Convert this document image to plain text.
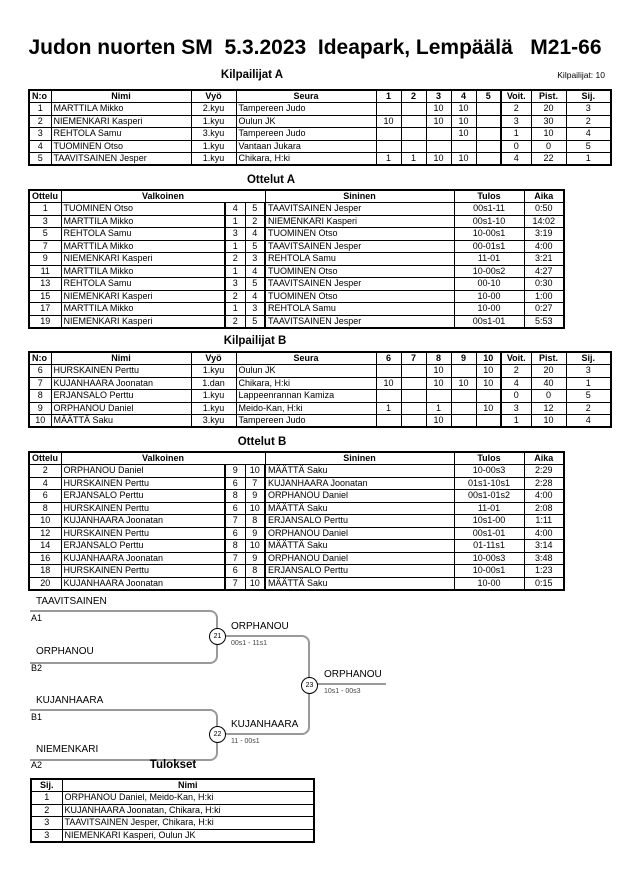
Judon nuorten SM  5.3.2023  Ideapark, Lempäälä   M21-66
Kilpailijat A	Kilpailijat: 10
N:o	Nimi	Vyö	Seura	1	2	3	4	5	Voit.	Pist.	Sij.
1	MARTTILA Mikko	2.kyu	Tampereen Judo			10	10		2	20	3
2	NIEMENKARI Kasperi	1.kyu	Oulun JK	10		10	10		3	30	2
3	REHTOLA Samu	3.kyu	Tampereen Judo				10		1	10	4
4	TUOMINEN Otso	1.kyu	Vantaan Jukara						0	0	5
5	TAAVITSAINEN Jesper	1.kyu	Chikara, H:ki	1	1	10	10		4	22	1
Ottelut A
Ottelu	Valkoinen			Sininen	Tulos	Aika
1	TUOMINEN Otso	4	5	TAAVITSAINEN Jesper	00s1-11	0:50
3	MARTTILA Mikko	1	2	NIEMENKARI Kasperi	00s1-10	14:02
5	REHTOLA Samu	3	4	TUOMINEN Otso	10-00s1	3:19
7	MARTTILA Mikko	1	5	TAAVITSAINEN Jesper	00-01s1	4:00
9	NIEMENKARI Kasperi	2	3	REHTOLA Samu	11-01	3:21
11	MARTTILA Mikko	1	4	TUOMINEN Otso	10-00s2	4:27
13	REHTOLA Samu	3	5	TAAVITSAINEN Jesper	00-10	0:30
15	NIEMENKARI Kasperi	2	4	TUOMINEN Otso	10-00	1:00
17	MARTTILA Mikko	1	3	REHTOLA Samu	10-00	0:27
19	NIEMENKARI Kasperi	2	5	TAAVITSAINEN Jesper	00s1-01	5:53
Kilpailijat B
N:o	Nimi	Vyö	Seura	6	7	8	9	10	Voit.	Pist.	Sij.
6	HURSKAINEN Perttu	1.kyu	Oulun JK			10		10	2	20	3
7	KUJANHAARA Joonatan	1.dan	Chikara, H:ki	10		10	10	10	4	40	1
8	ERJANSALO Perttu	1.kyu	Lappeenrannan Kamiza						0	0	5
9	ORPHANOU Daniel	1.kyu	Meido-Kan, H:ki	1		1		10	3	12	2
10	MÄÄTTÄ Saku	3.kyu	Tampereen Judo			10			1	10	4
Ottelut B
Ottelu	Valkoinen			Sininen	Tulos	Aika
2	ORPHANOU Daniel	9	10	MÄÄTTÄ Saku	10-00s3	2:29
4	HURSKAINEN Perttu	6	7	KUJANHAARA Joonatan	01s1-10s1	2:28
6	ERJANSALO Perttu	8	9	ORPHANOU Daniel	00s1-01s2	4:00
8	HURSKAINEN Perttu	6	10	MÄÄTTÄ Saku	11-01	2:08
10	KUJANHAARA Joonatan	7	8	ERJANSALO Perttu	10s1-00	1:11
12	HURSKAINEN Perttu	6	9	ORPHANOU Daniel	00s1-01	4:00
14	ERJANSALO Perttu	8	10	MÄÄTTÄ Saku	01-11s1	3:14
16	KUJANHAARA Joonatan	7	9	ORPHANOU Daniel	10-00s3	3:48
18	HURSKAINEN Perttu	6	8	ERJANSALO Perttu	10-00s1	1:23
20	KUJANHAARA Joonatan	7	10	MÄÄTTÄ Saku	10-00	0:15
TAAVITSAINEN
A1
ORPHANOU
B2
KUJANHAARA
B1
NIEMENKARI
A2
21
ORPHANOU
00s1 - 11s1
22
KUJANHAARA
11 - 00s1
23
ORPHANOU
10s1 - 00s3
Tulokset
Sij.	Nimi
1	ORPHANOU Daniel, Meido-Kan, H:ki
2	KUJANHAARA Joonatan, Chikara, H:ki
3	TAAVITSAINEN Jesper, Chikara, H:ki
3	NIEMENKARI Kasperi, Oulun JK
